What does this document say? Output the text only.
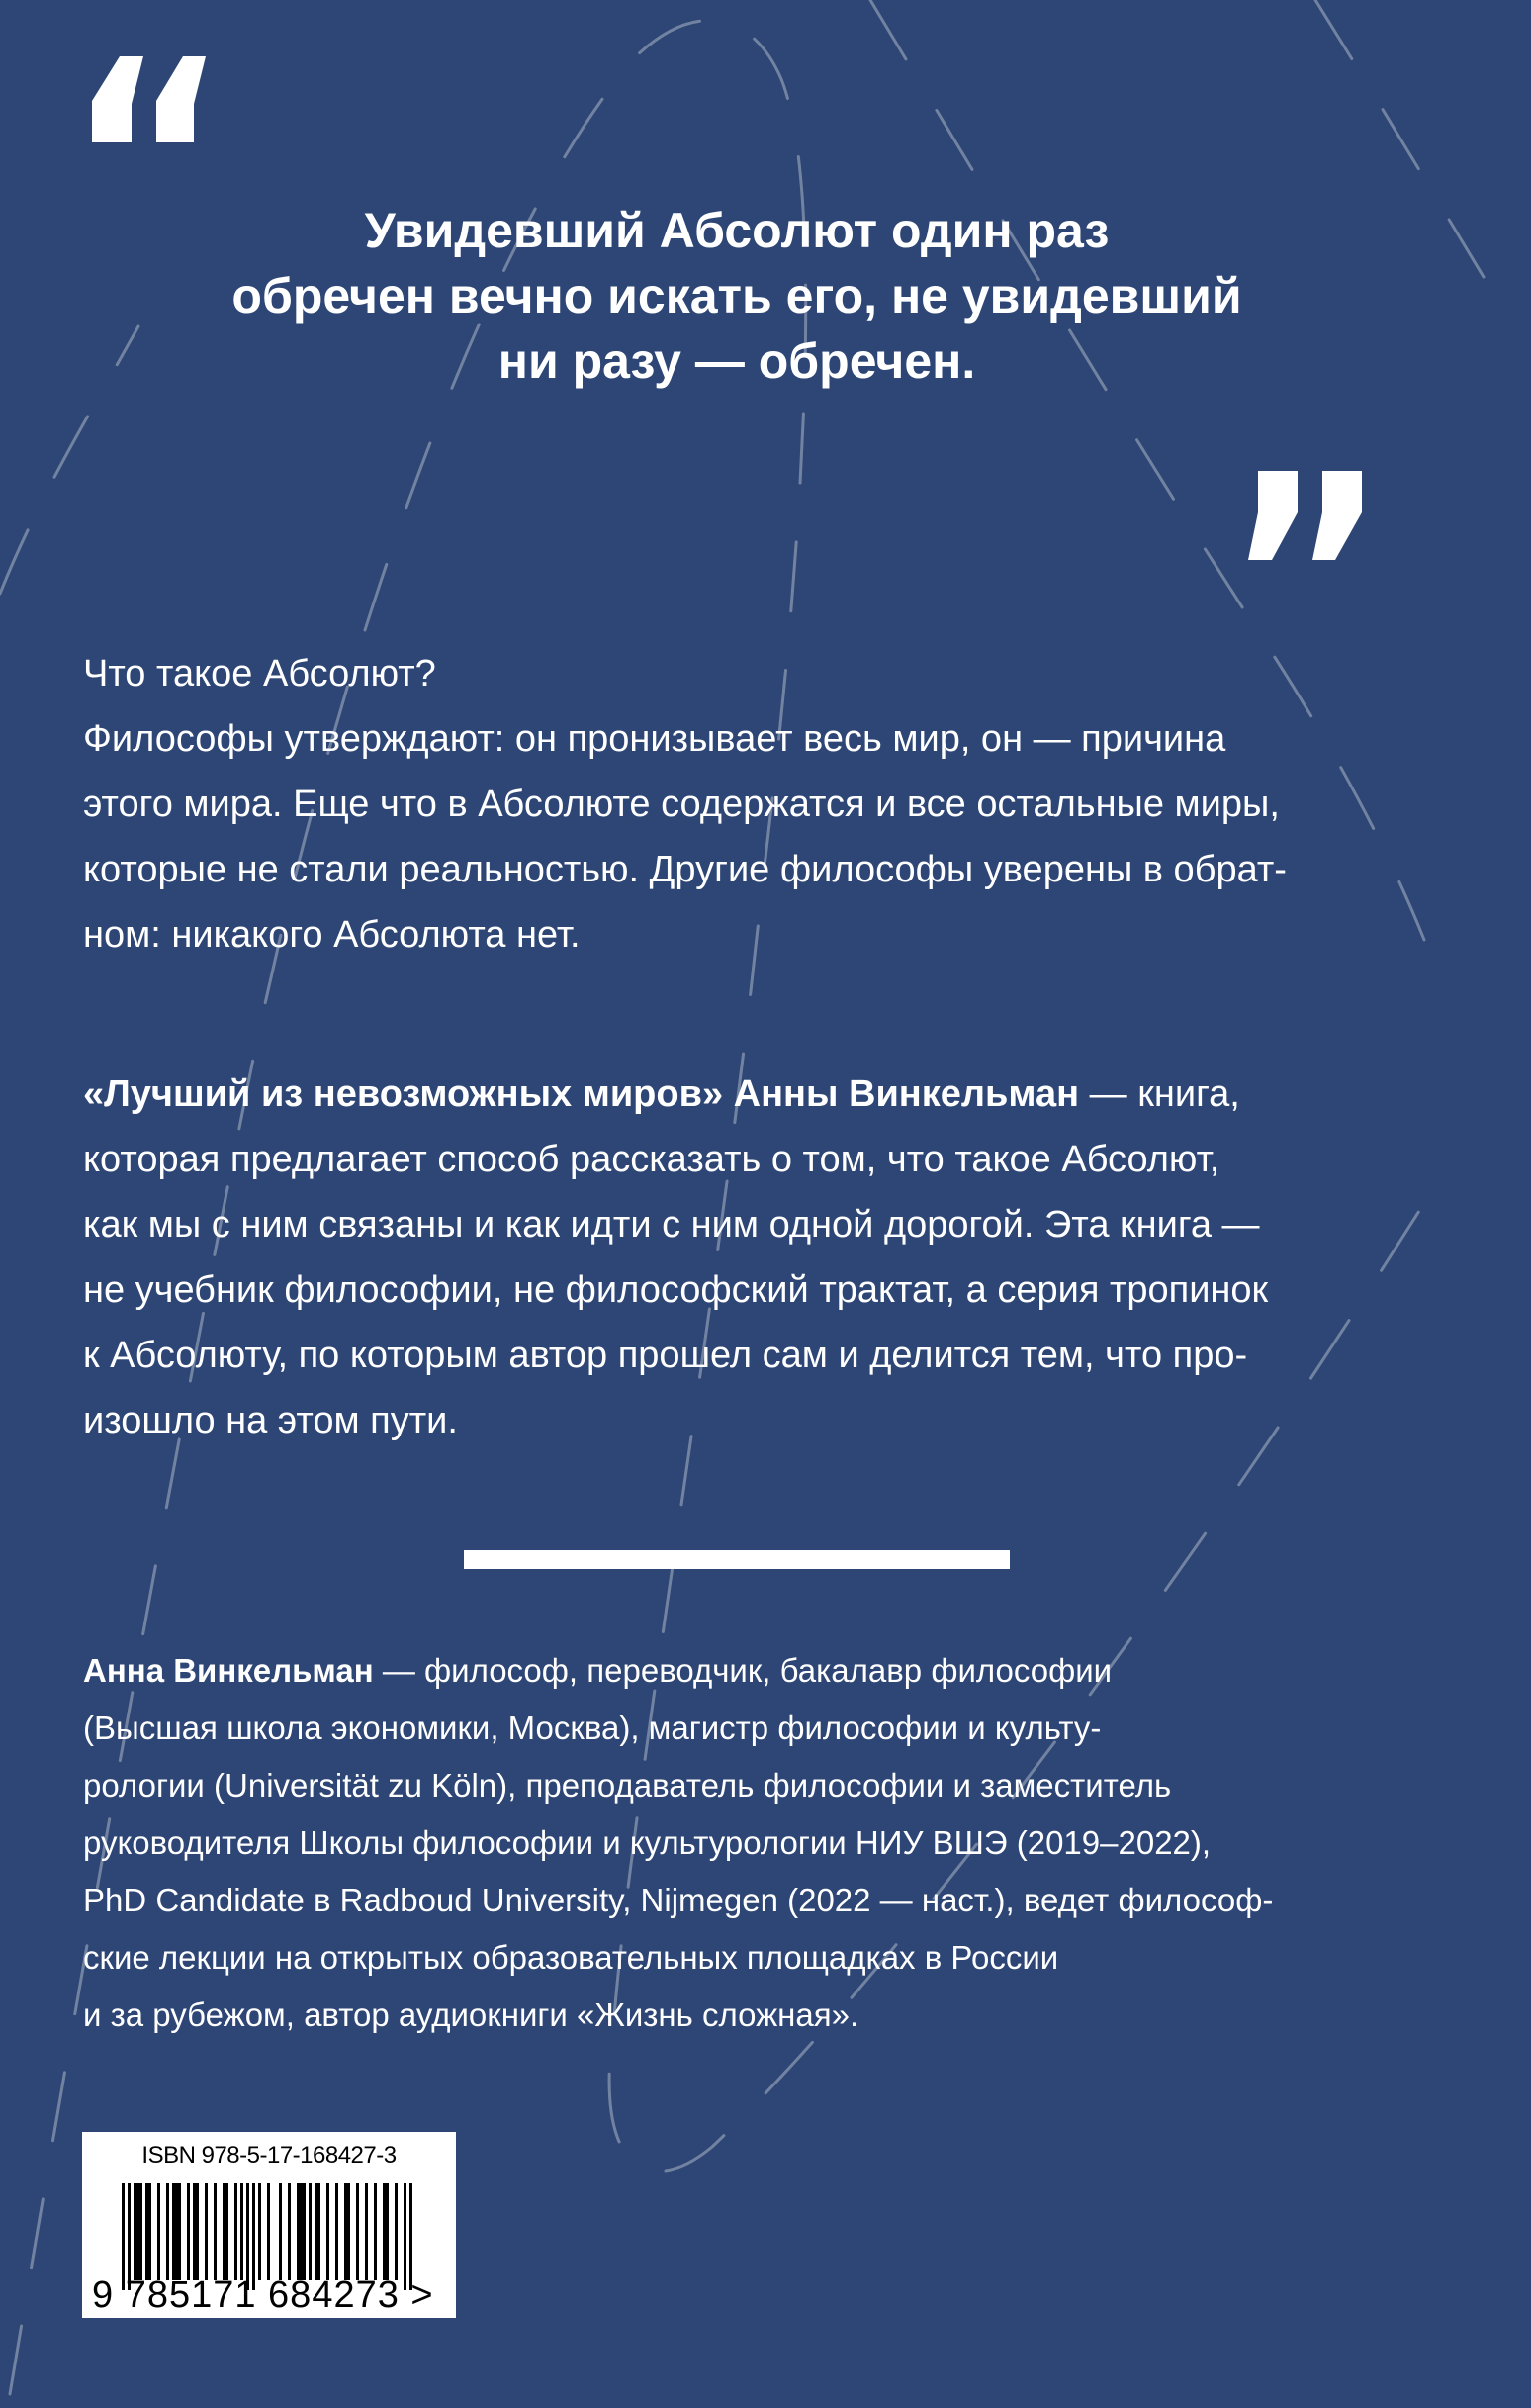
Увидевший Абсолют один раз
обречен вечно искать его, не увидевший
ни разу — обречен.
Что такое Абсолют?
Философы утверждают: он пронизывает весь мир, он — причина
этого мира. Еще что в Абсолюте содержатся и все остальные миры,
которые не стали реальностью. Другие философы уверены в обрат-
ном: никакого Абсолюта нет.
«Лучший из невозможных миров» Анны Винкельман — книга,
которая предлагает способ рассказать о том, что такое Абсолют,
как мы с ним связаны и как идти с ним одной дорогой. Эта книга —
не учебник философии, не философский трактат, а серия тропинок
к Абсолюту, по которым автор прошел сам и делится тем, что про-
изошло на этом пути.
Анна Винкельман — философ, переводчик, бакалавр философии
(Высшая школа экономики, Москва), магистр философии и культу-
рологии (Universität zu Köln), преподаватель философии и заместитель
руководителя Школы философии и культурологии НИУ ВШЭ (2019–2022),
PhD Candidate в Radboud University, Nijmegen (2022 — наст.), ведет философ-
ские лекции на открытых образовательных площадках в России
и за рубежом, автор аудиокниги «Жизнь сложная».
ISBN 978-5-17-168427-3
9 785171 684273 >
